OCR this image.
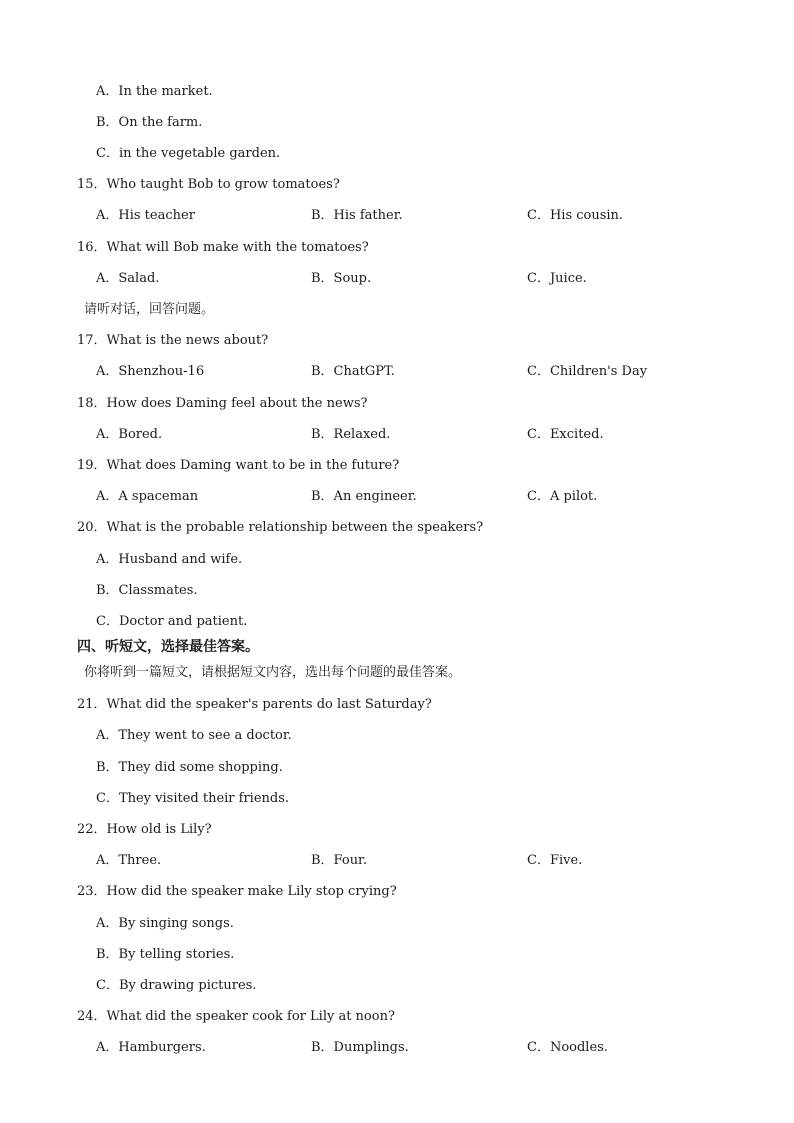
A．In the market.
B．On the farm.
C．in the vegetable garden.
15．Who taught Bob to grow tomatoes?
A．His teacher	B．His father.	C．His cousin.
16．What will Bob make with the tomatoes?
A．Salad.	B．Soup.	C．Juice.
请听对话，回答问题。
17．What is the news about?
A．Shenzhou-16	B．ChatGPT.	C．Children's Day
18．How does Daming feel about the news?
A．Bored.	B．Relaxed.	C．Excited.
19．What does Daming want to be in the future?
A．A spaceman	B．An engineer.	C．A pilot.
20．What is the probable relationship between the speakers?
A．Husband and wife.
B．Classmates.
C．Doctor and patient.
四、听短文，选择最佳答案。
你将听到一篇短文，请根据短文内容，选出每个问题的最佳答案。
21．What did the speaker's parents do last Saturday?
A．They went to see a doctor.
B．They did some shopping.
C．They visited their friends.
22．How old is Lily?
A．Three.	B．Four.	C．Five.
23．How did the speaker make Lily stop crying?
A．By singing songs.
B．By telling stories.
C．By drawing pictures.
24．What did the speaker cook for Lily at noon?
A．Hamburgers.	B．Dumplings.	C．Noodles.
